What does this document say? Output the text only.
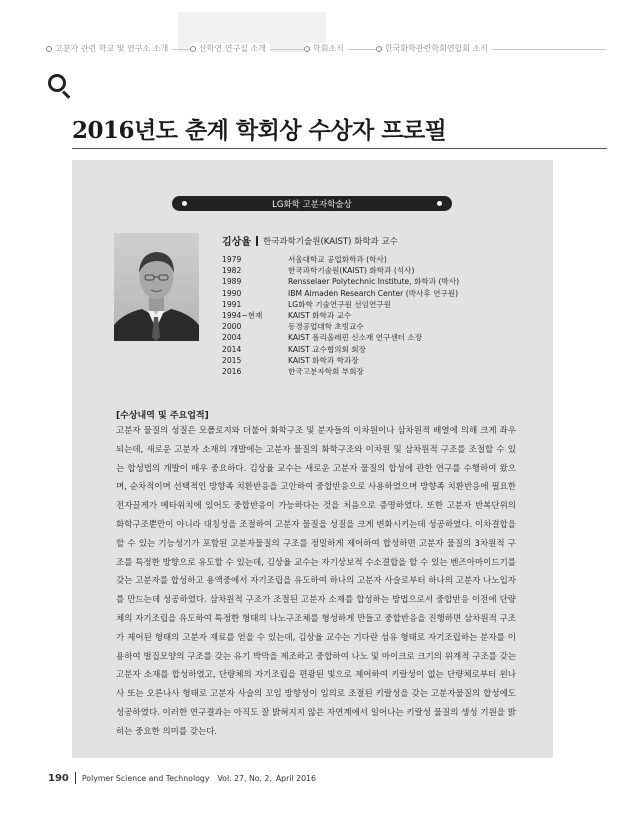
고분자 관련 학교 및 연구소 소개	산학연 연구실 소개	학회소식	한국화학관련학회연합회 소식
2016년도 춘계 학회상 수상자 프로필
LG화학 고분자학술상
김상율 한국과학기술원(KAIST) 화학과 교수
1979	서울대학교 공업화학과 (학사)
1982	한국과학기술원(KAIST) 화학과 (석사)
1989	Rensselaer Polytechnic Institute, 화학과 (박사)
1990	IBM Almaden Research Center (박사후 연구원)
1991	LG화학 기술연구원 선임연구원
1994~현재	KAIST 화학과 교수
2000	동경공업대학 초빙교수
2004	KAIST 폴리올레핀 신소재 연구센터 소장
2014	KAIST 교수협의회 회장
2015	KAIST 화학과 학과장
2016	한국고분자학회 부회장
[ 수상내역 및 주요업적 ]

고분자 물질의 성질은 모폴로지와 더불어 화학구조 및 분자들의 이차원이나 삼차원적 배열에 의해 크게 좌우되는데, 새로운 고분자 소재의 개발에는 고분자 물질의 화학구조와 이차원 및 삼차원적 구조를 조절할 수 있는 합성법의 개발이 매우 중요하다. 김상율 교수는 새로운 고분자 물질의 합성에 관한 연구를 수행하여 왔으며, 순차적이며 선택적인 방향족 치환반응을 고안하여 중합반응으로 사용하였으며 방향족 치환반응에 필요한 전자끌게가 메타위치에 있어도 중합반응이 가능하다는 것을 처음으로 증명하였다. 또한 고분자 반복단위의 화학구조뿐만이 아니라 대칭성을 조절하여 고분자 물질을 성질을 크게 변화시키는데 성공하였다. 이차결합을 할 수 있는 기능성기가 포함된 고분자물질의 구조를 정밀하게 제어하여 합성하면 고분자 물질의 3차원적 구조를 특정한 방향으로 유도할 수 있는데, 김상율 교수는 자기상보적 수소결합을 할 수 있는 벤즈아마이드기를 갖는 고분자를 합성하고 용액중에서 자기조립을 유도하여 하나의 고분자 사슬로부터 하나의 고분자 나노입자를 만드는데 성공하였다. 삼차원적 구조가 조절된 고분자 소재를 합성하는 방법으로서 중합반응 이전에 단량체의 자기조립을 유도하여 특정한 형태의 나노구조체를 형성하게 만들고 중합반응을 진행하면 삼차원적 구조가 제어된 형태의 고분자 재료를 얻을 수 있는데, 김상율 교수는 기다란 섬유 형태로 자기조립하는 분자를 이용하여 벌집모양의 구조를 갖는 유기 박막을 제조하고 중합하여 나노 및 마이크로 크기의 위계적 구조를 갖는 고분자 소재를 합성하였고, 단량체의 자기조립을 편광된 빛으로 제어하여 키랄성이 없는 단량체로부터 왼나사 또는 오른나사 형태로 고분자 사슬의 꼬임 방향성이 임의로 조절된 키랄성을 갖는 고분자물질의 합성에도 성공하였다. 이러한 연구결과는 아직도 잘 밝혀지지 않은 자연계에서 일어나는 키랄성 물질의 생성 기원을 밝히는 중요한 의미를 갖는다.

190 Polymer Science and Technology Vol. 27, No. 2, April 2016
